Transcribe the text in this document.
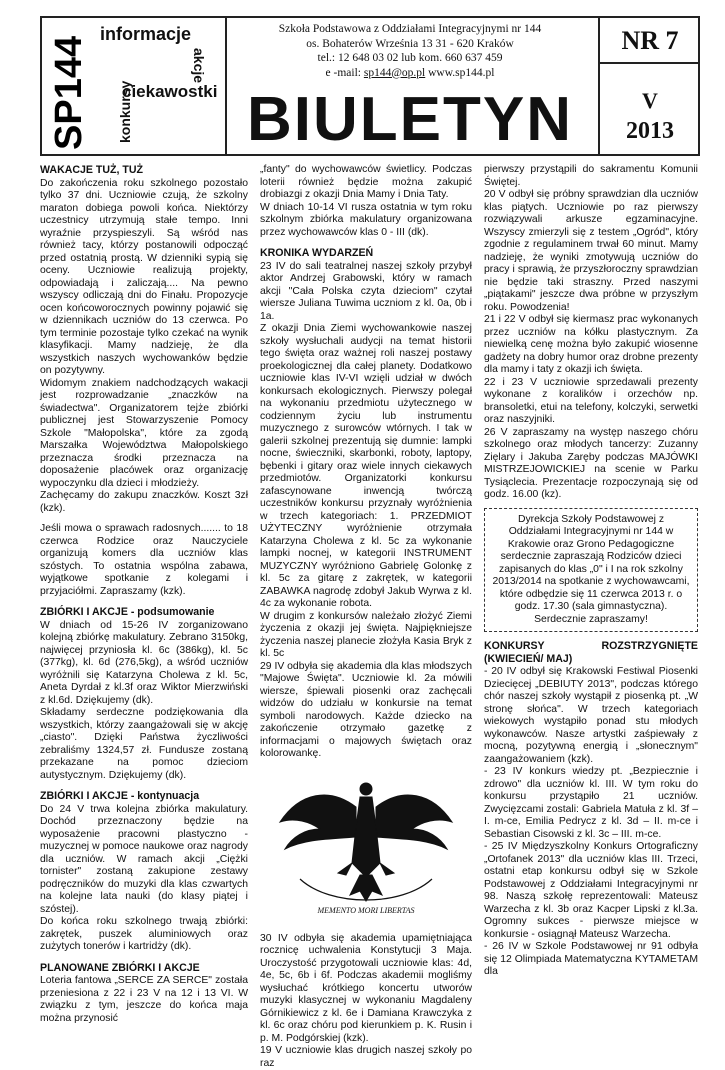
SP144
informacje
ciekawostki
akcje
konkursy
Szkoła Podstawowa z Oddziałami Integracyjnymi nr 144
os. Bohaterów Września 13 31 - 620 Kraków
tel.: 12 648 03 02 lub kom. 660 637 459
e -mail: sp144@op.pl www.sp144.pl
BIULETYN
NR 7
V
2013
WAKACJE TUŻ, TUŻ

Do zakończenia roku szkolnego pozostało tylko 37 dni. Uczniowie czują, że szkolny maraton dobiega powoli końca. Niektórzy uczestnicy utrzymują stałe tempo. Inni wyraźnie przyspieszyli. Są wśród nas również tacy, którzy postanowili odpocząć przed ostatnią prostą. W dzienniki sypią się oceny. Uczniowie realizują projekty, odpowiadają i zaliczają.... Na pewno wszyscy odliczają dni do Finału. Propozycje ocen końcoworocznych powinny pojawić się w dziennikach uczniów do 13 czerwca. Po tym terminie pozostaje tylko czekać na wynik klasyfikacji. Mamy nadzieję, że dla wszystkich naszych wychowanków będzie on pozytywny.

Widomym znakiem nadchodzących wakacji jest rozprowadzanie „znaczków na świadectwa". Organizatorem tejże zbiórki publicznej jest Stowarzyszenie Pomocy Szkole "Małopolska", które za zgodą Marszałka Województwa Małopolskiego przeznacza środki przeznacza na doposażenie placówek oraz organizację wypoczynku dla dzieci i młodzieży.

Zachęcamy do zakupu znaczków. Koszt 3zł (kzk).

Jeśli mowa o sprawach radosnych....... to 18 czerwca Rodzice oraz Nauczyciele organizują komers dla uczniów klas szóstych. To ostatnia wspólna zabawa, wyjątkowe spotkanie z kolegami i przyjaciółmi. Zapraszamy (kzk).

ZBIÓRKI I AKCJE - podsumowanie

W dniach od 15-26 IV zorganizowano kolejną zbiórkę makulatury. Zebrano 3150kg, najwięcej przyniosła kl. 6c (386kg), kl. 5c (377kg), kl. 6d (276,5kg), a wśród uczniów wyróżnili się Katarzyna Cholewa z kl. 5c, Aneta Dyrdał z kl.3f oraz Wiktor Mierzwiński z kl.6d. Dziękujemy (dk).

Składamy serdeczne podziękowania dla wszystkich, którzy zaangażowali się w akcję „ciasto". Dzięki Państwa życzliwości zebraliśmy 1324,57 zł. Fundusze zostaną przekazane na pomoc dzieciom autystycznym. Dziękujemy (dk).

ZBIÓRKI I AKCJE - kontynuacja

Do 24 V trwa kolejna zbiórka makulatury. Dochód przeznaczony będzie na wyposażenie pracowni plastyczno - muzycznej w pomoce naukowe oraz nagrody dla uczniów. W ramach akcji „Ciężki tornister" zostaną zakupione zestawy podręczników do muzyki dla klas czwartych na kolejne lata nauki (do klasy piątej i szóstej).

Do końca roku szkolnego trwają zbiórki: zakrętek, puszek aluminiowych oraz zużytych tonerów i kartridży (dk).

PLANOWANE ZBIÓRKI I AKCJE

Loteria fantowa „SERCE ZA SERCE" została przeniesiona z 22 i 23 V na 12 i 13 VI. W związku z tym, jeszcze do końca maja można przynosić

„fanty" do wychowawców świetlicy. Podczas loterii również będzie można zakupić drobiazgi z okazji Dnia Mamy i Dnia Taty.

W dniach 10-14 VI rusza ostatnia w tym roku szkolnym zbiórka makulatury organizowana przez wychowawców klas 0 - III (dk).

KRONIKA WYDARZEŃ

23 IV do sali teatralnej naszej szkoły przybył aktor Andrzej Grabowski, który w ramach akcji "Cała Polska czyta dzieciom" czytał wiersze Juliana Tuwima uczniom z kl. 0a, 0b i 1a.

Z okazji Dnia Ziemi wychowankowie naszej szkoły wysłuchali audycji na temat historii tego święta oraz ważnej roli naszej postawy proekologicznej dla całej planety. Dodatkowo uczniowie klas IV-VI wzięli udział w dwóch konkursach ekologicznych. Pierwszy polegał na wykonaniu przedmiotu użytecznego w codziennym życiu lub instrumentu muzycznego z surowców wtórnych. I tak w galerii szkolnej prezentują się dumnie: lampki nocne, świeczniki, skarbonki, roboty, laptopy, bębenki i gitary oraz wiele innych ciekawych przedmiotów. Organizatorki konkursu zafascynowane inwencją twórczą uczestników konkursu przyznały wyróżnienia w trzech kategoriach: 1. PRZEDMIOT UŻYTECZNY wyróżnienie otrzymała Katarzyna Cholewa z kl. 5c za wykonanie lampki nocnej, w kategorii INSTRUMENT MUZYCZNY wyróżniono Gabrielę Golonkę z kl. 5c za gitarę z zakrętek, w kategorii ZABAWKA nagrodę zdobył Jakub Wyrwa z kl. 4c za wykonanie robota.

W drugim z konkursów należało złożyć Ziemi życzenia z okazji jej święta. Najpiękniejsze życzenia naszej planecie złożyła Kasia Bryk z kl. 5c

29 IV odbyła się akademia dla klas młodszych "Majowe Święta". Uczniowie kl. 2a mówili wiersze, śpiewali piosenki oraz zachęcali widzów do udziału w konkursie na temat symboli narodowych. Każde dziecko na zakończenie otrzymało gazetkę z informacjami o majowych świętach oraz kolorowankę.

MEMENTO MORI LIBERTAS

30 IV odbyła się akademia upamiętniająca rocznicę uchwalenia Konstytucji 3 Maja. Uroczystość przygotowali uczniowie klas: 4d, 4e, 5c, 6b i 6f. Podczas akademii mogliśmy wysłuchać krótkiego koncertu utworów muzyki klasycznej w wykonaniu Magdaleny Górnikiewicz z kl. 6e i Damiana Krawczyka z kl. 6c oraz chóru pod kierunkiem p. K. Rusin i p. M. Podgórskiej (kzk).

19 V uczniowie klas drugich naszej szkoły po raz

pierwszy przystąpili do sakramentu Komunii Świętej.

20 V odbył się próbny sprawdzian dla uczniów klas piątych. Uczniowie po raz pierwszy rozwiązywali arkusze egzaminacyjne. Wszyscy zmierzyli się z testem „Ogród", który zgodnie z regulaminem trwał 60 minut. Mamy nadzieję, że wyniki zmotywują uczniów do pracy i sprawią, że przyszłoroczny sprawdzian nie będzie taki straszny. Przed naszymi „piątakami" jeszcze dwa próbne w przyszłym roku. Powodzenia!

21 i 22 V odbył się kiermasz prac wykonanych przez uczniów na kółku plastycznym. Za niewielką cenę można było zakupić wiosenne gadżety na dobry humor oraz drobne prezenty dla mamy i taty z okazji ich święta.

22 i 23 V uczniowie sprzedawali prezenty wykonane z koralików i orzechów np. bransoletki, etui na telefony, kolczyki, serwetki oraz naszyjniki.

26 V zapraszamy na występ naszego chóru szkolnego oraz młodych tancerzy: Zuzanny Zięlary i Jakuba Zaręby podczas MAJÓWKI MISTRZEJOWICKIEJ na scenie w Parku Tysiąclecia. Prezentacje rozpoczynają się od godz. 16.00 (kz).

Dyrekcja Szkoły Podstawowej z Oddziałami Integracyjnymi nr 144 w Krakowie oraz Grono Pedagogiczne serdecznie zapraszają Rodziców dzieci zapisanych do klas „0" i I na rok szkolny 2013/2014 na spotkanie z wychowawcami, które odbędzie się 11 czerwca 2013 r. o godz. 17.30 (sala gimnastyczna). Serdecznie zapraszamy!
KONKURSY ROZSTRZYGNIĘTE (KWIECIEŃ/ MAJ)

- 20 IV odbył się Krakowski Festiwal Piosenki Dziecięcej „DEBIUTY 2013", podczas którego chór naszej szkoły wystąpił z piosenką pt. „W stronę słońca". W trzech kategoriach wiekowych wystąpiło ponad stu młodych wykonawców. Nasze artystki zaśpiewały z mocną, pozytywną energią i „słonecznym" zaangażowaniem (kzk).

- 23 IV konkurs wiedzy pt. „Bezpiecznie i zdrowo" dla uczniów kl. III. W tym roku do konkursu przystąpiło 21 uczniów. Zwycięzcami zostali: Gabriela Matuła z kl. 3f – I. m-ce, Emilia Pedrycz z kl. 3d – II. m-ce i Sebastian Cisowski z kl. 3c – III. m-ce.

- 25 IV Międzyszkolny Konkurs Ortograficzny „Ortofanek 2013" dla uczniów klas III. Trzeci, ostatni etap konkursu odbył się w Szkole Podstawowej z Oddziałami Integracyjnymi nr 98. Naszą szkołę reprezentowali: Mateusz Warzecha z kl. 3b oraz Kacper Lipski z kl.3a. Ogromny sukces - pierwsze miejsce w konkursie - osiągnął Mateusz Warzecha.

- 26 IV w Szkole Podstawowej nr 91 odbyła się 12 Olimpiada Matematyczna KYTAMETAM dla
